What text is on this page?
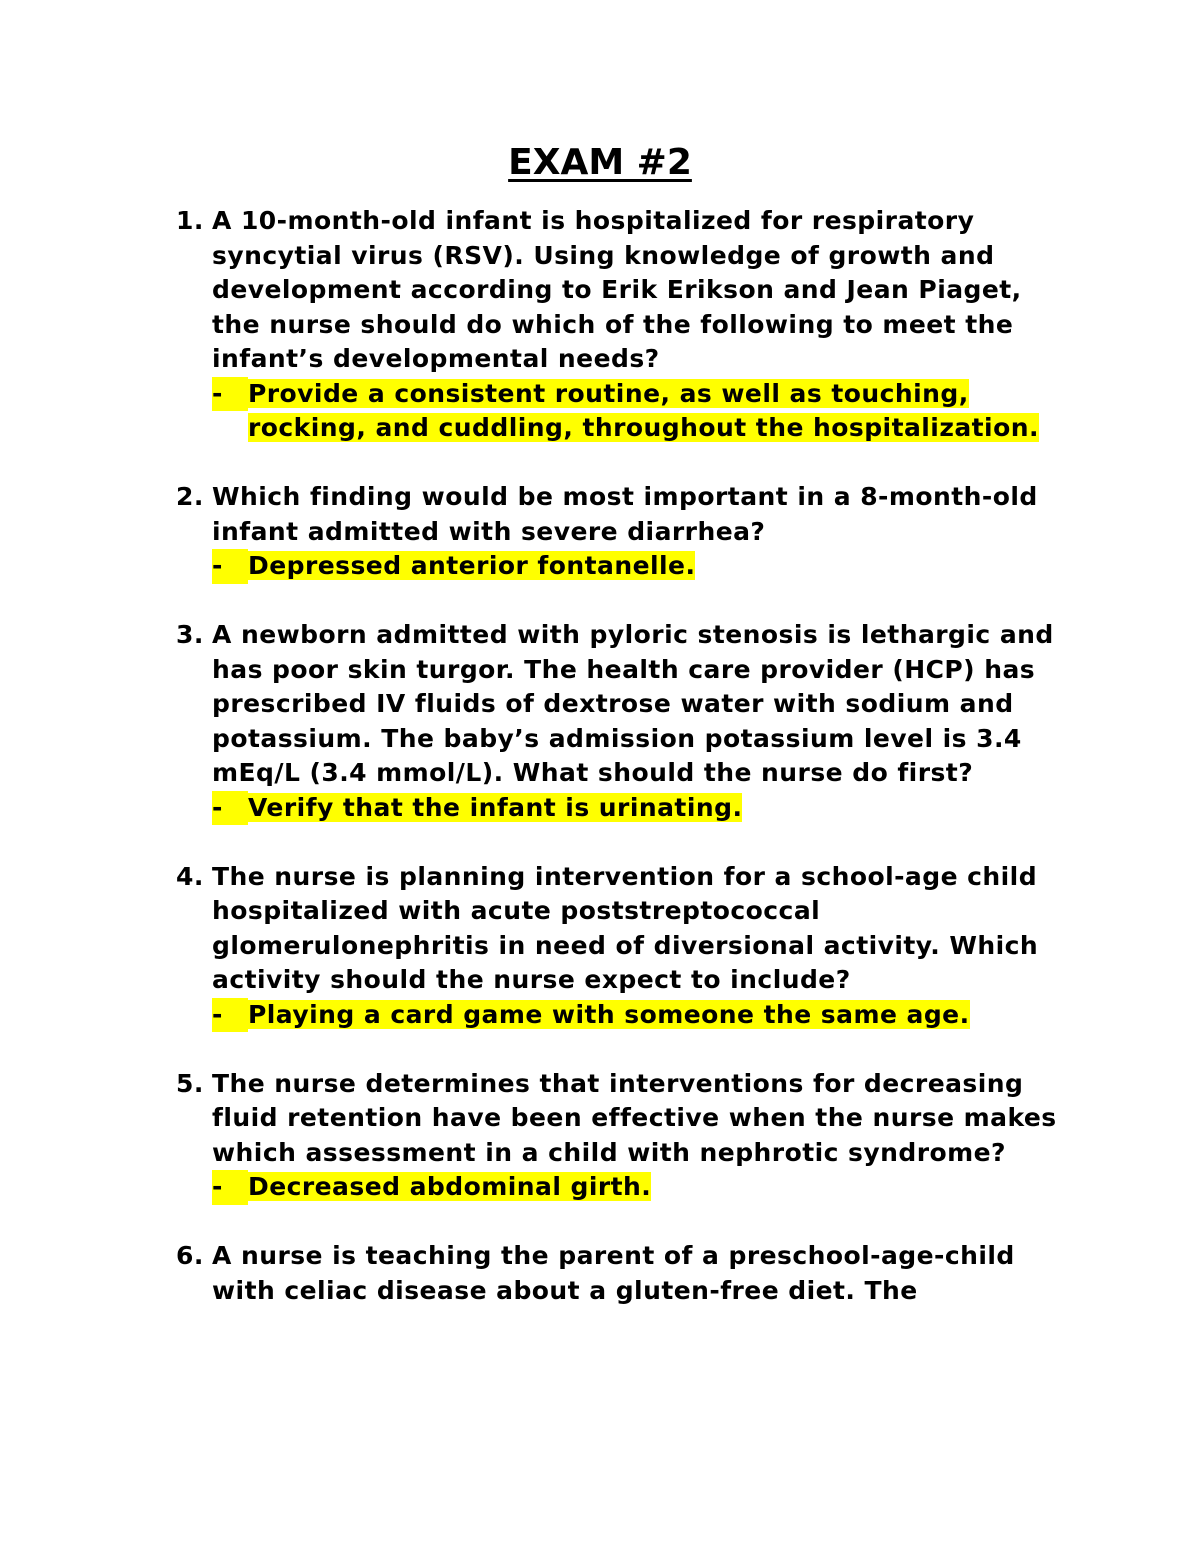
EXAM #2
1. A 10-month-old infant is hospitalized for respiratory syncytial virus (RSV). Using knowledge of growth and development according to Erik Erikson and Jean Piaget, the nurse should do which of the following to meet the infant’s developmental needs?
-	Provide a consistent routine, as well as touching, rocking, and cuddling, throughout the hospitalization.
2. Which finding would be most important in a 8-month-old infant admitted with severe diarrhea?
-	Depressed anterior fontanelle.
3. A newborn admitted with pyloric stenosis is lethargic and has poor skin turgor. The health care provider (HCP) has prescribed IV fluids of dextrose water with sodium and potassium. The baby’s admission potassium level is 3.4 mEq/L (3.4 mmol/L). What should the nurse do first?
-	Verify that the infant is urinating.
4. The nurse is planning intervention for a school-age child hospitalized with acute poststreptococcal glomerulonephritis in need of diversional activity. Which activity should the nurse expect to include?
-	Playing a card game with someone the same age.
5. The nurse determines that interventions for decreasing fluid retention have been effective when the nurse makes which assessment in a child with nephrotic syndrome?
-	Decreased abdominal girth.
6. A nurse is teaching the parent of a preschool-age-child with celiac disease about a gluten-free diet. The
